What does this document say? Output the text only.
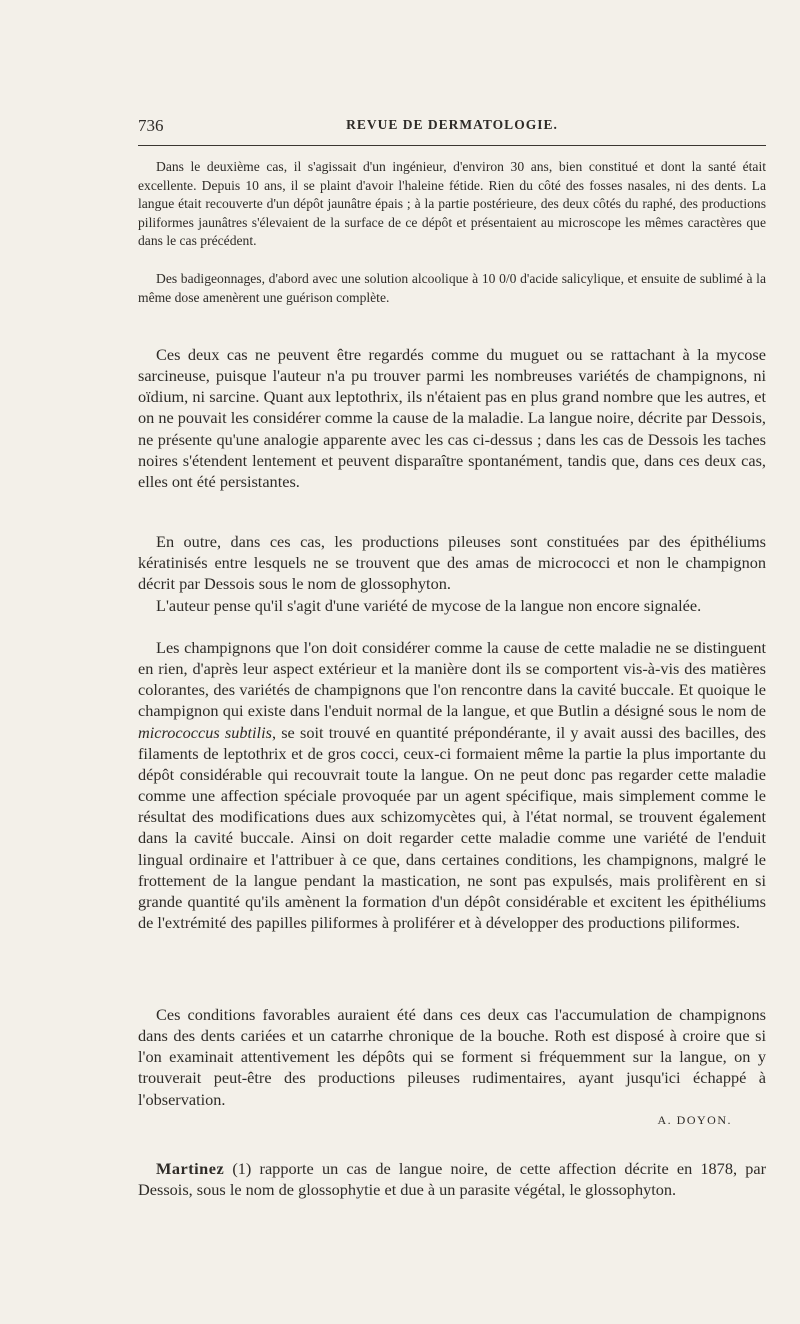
736	REVUE DE DERMATOLOGIE.

Dans le deuxième cas, il s'agissait d'un ingénieur, d'environ 30 ans, bien constitué et dont la santé était excellente. Depuis 10 ans, il se plaint d'avoir l'haleine fétide. Rien du côté des fosses nasales, ni des dents. La langue était recouverte d'un dépôt jaunâtre épais ; à la partie postérieure, des deux côtés du raphé, des productions piliformes jaunâtres s'élevaient de la surface de ce dépôt et présentaient au microscope les mêmes caractères que dans le cas précédent.

Des badigeonnages, d'abord avec une solution alcoolique à 10 0/0 d'acide salicylique, et ensuite de sublimé à la même dose amenèrent une guérison complète.

Ces deux cas ne peuvent être regardés comme du muguet ou se rattachant à la mycose sarcineuse, puisque l'auteur n'a pu trouver parmi les nombreuses variétés de champignons, ni oïdium, ni sarcine. Quant aux leptothrix, ils n'étaient pas en plus grand nombre que les autres, et on ne pouvait les considérer comme la cause de la maladie. La langue noire, décrite par Dessois, ne présente qu'une analogie apparente avec les cas ci-dessus ; dans les cas de Dessois les taches noires s'étendent lentement et peuvent disparaître spontanément, tandis que, dans ces deux cas, elles ont été persistantes.

En outre, dans ces cas, les productions pileuses sont constituées par des épithéliums kératinisés entre lesquels ne se trouvent que des amas de micrococci et non le champignon décrit par Dessois sous le nom de glossophyton.

L'auteur pense qu'il s'agit d'une variété de mycose de la langue non encore signalée.

Les champignons que l'on doit considérer comme la cause de cette maladie ne se distinguent en rien, d'après leur aspect extérieur et la manière dont ils se comportent vis-à-vis des matières colorantes, des variétés de champignons que l'on rencontre dans la cavité buccale. Et quoique le champignon qui existe dans l'enduit normal de la langue, et que Butlin a désigné sous le nom de micrococcus subtilis, se soit trouvé en quantité prépondérante, il y avait aussi des bacilles, des filaments de leptothrix et de gros cocci, ceux-ci formaient même la partie la plus importante du dépôt considérable qui recouvrait toute la langue. On ne peut donc pas regarder cette maladie comme une affection spéciale provoquée par un agent spécifique, mais simplement comme le résultat des modifications dues aux schizomycètes qui, à l'état normal, se trouvent également dans la cavité buccale. Ainsi on doit regarder cette maladie comme une variété de l'enduit lingual ordinaire et l'attribuer à ce que, dans certaines conditions, les champignons, malgré le frottement de la langue pendant la mastication, ne sont pas expulsés, mais prolifèrent en si grande quantité qu'ils amènent la formation d'un dépôt considérable et excitent les épithéliums de l'extrémité des papilles piliformes à proliférer et à développer des productions piliformes.

Ces conditions favorables auraient été dans ces deux cas l'accumulation de champignons dans des dents cariées et un catarrhe chronique de la bouche. Roth est disposé à croire que si l'on examinait attentivement les dépôts qui se forment si fréquemment sur la langue, on y trouverait peut-être des productions pileuses rudimentaires, ayant jusqu'ici échappé à l'observation.

A. DOYON.

Martinez (1) rapporte un cas de langue noire, de cette affection décrite en 1878, par Dessois, sous le nom de glossophytie et due à un parasite végétal, le glossophyton.
